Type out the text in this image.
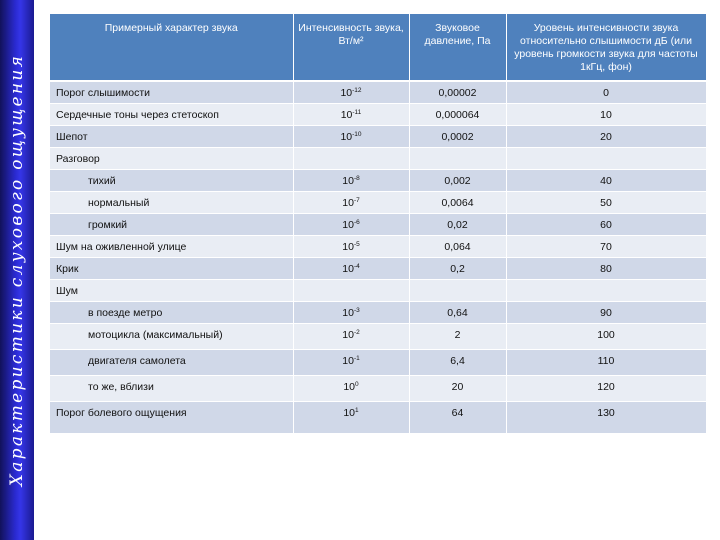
Характеристики слухового ощущения
Примерный характер звука	Интенсивность звука, Вт/м²	Звуковое давление, Па	Уровень интенсивности звука относительно слышимости дБ (или уровень громкости звука для частоты 1кГц, фон)
Порог слышимости	$10^{-12}$	0,00002	0
Сердечные тоны через стетоскоп	$10^{-11}$	0,000064	10
Шепот	$10^{-10}$	0,0002	20
Разговор			
тихий	$10^{-8}$	0,002	40
нормальный	$10^{-7}$	0,0064	50
громкий	$10^{-6}$	0,02	60
Шум на оживленной улице	$10^{-5}$	0,064	70
Крик	$10^{-4}$	0,2	80
Шум			
в поезде метро	$10^{-3}$	0,64	90
мотоцикла (максимальный)	$10^{-2}$	2	100
двигателя самолета	$10^{-1}$	6,4	110
то же, вблизи	$10^0$	20	120
Порог болевого ощущения	$10^1$	64	130
